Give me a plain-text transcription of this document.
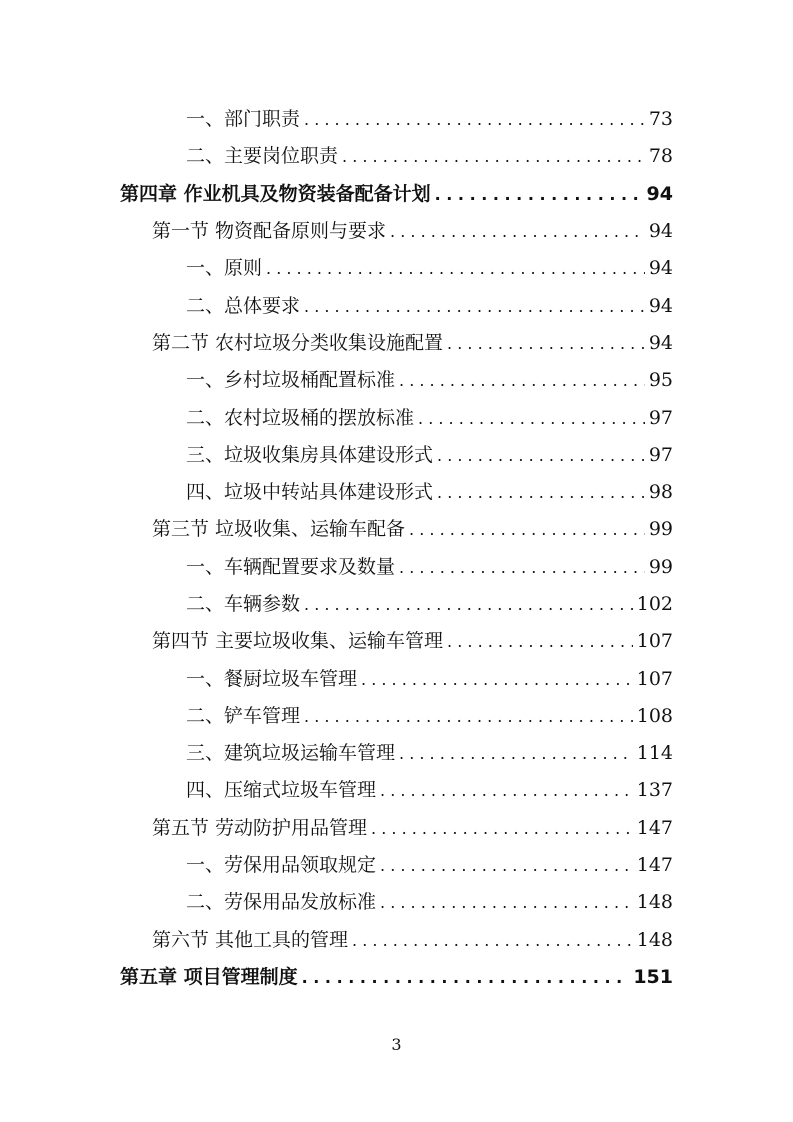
一、部门职责 . . .	73
二、主要岗位职责 . . .	78
第四章 作业机具及物资装备配备计划 . . .	94
第一节 物资配备原则与要求 . . .	94
一、原则 . . .	94
二、总体要求 . . .	94
第二节 农村垃圾分类收集设施配置 . . .	94
一、乡村垃圾桶配置标准 . . .	95
二、农村垃圾桶的摆放标准 . . .	97
三、垃圾收集房具体建设形式 . . .	97
四、垃圾中转站具体建设形式 . . .	98
第三节 垃圾收集、运输车配备 . . .	99
一、车辆配置要求及数量 . . .	99
二、车辆参数 . . .	102
第四节 主要垃圾收集、运输车管理 . . .	107
一、餐厨垃圾车管理 . . .	107
二、铲车管理 . . .	108
三、建筑垃圾运输车管理 . . .	114
四、压缩式垃圾车管理 . . .	137
第五节 劳动防护用品管理 . . .	147
一、劳保用品领取规定 . . .	147
二、劳保用品发放标准 . . .	148
第六节 其他工具的管理 . . .	148
第五章 项目管理制度 . . .	151
3
